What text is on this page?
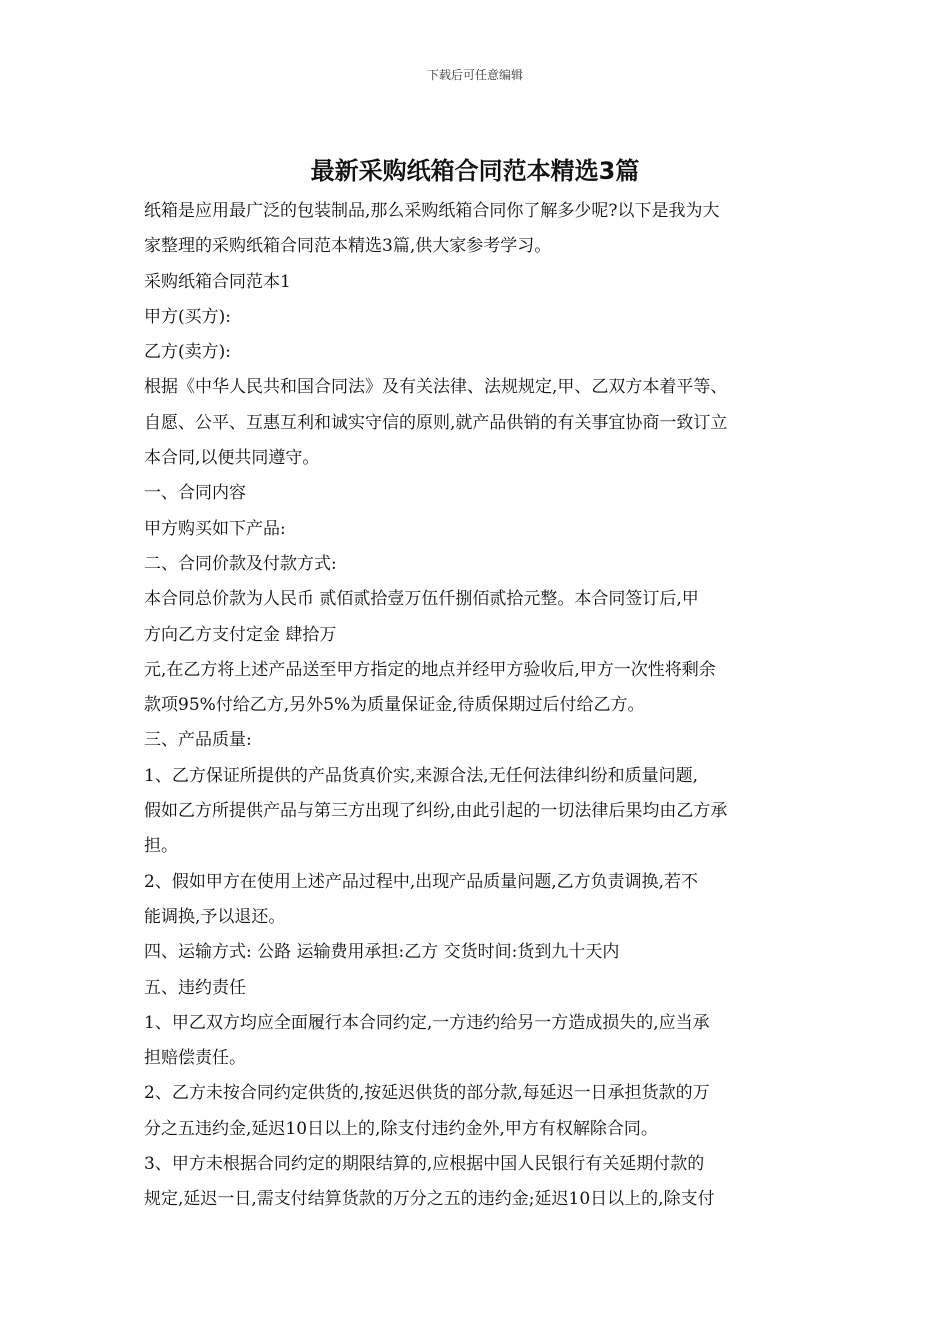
下载后可任意编辑
最新采购纸箱合同范本精选3篇
纸箱是应用最广泛的包装制品,那么采购纸箱合同你了解多少呢?以下是我为大
家整理的采购纸箱合同范本精选3篇,供大家参考学习。
采购纸箱合同范本1
甲方(买方):
乙方(卖方):
根据《中华人民共和国合同法》及有关法律、法规规定,甲、乙双方本着平等、
自愿、公平、互惠互利和诚实守信的原则,就产品供销的有关事宜协商一致订立
本合同,以便共同遵守。
一、合同内容
甲方购买如下产品:
二、合同价款及付款方式:
本合同总价款为人民币 贰佰贰拾壹万伍仟捌佰贰拾元整。本合同签订后,甲
方向乙方支付定金 肆拾万
元,在乙方将上述产品送至甲方指定的地点并经甲方验收后,甲方一次性将剩余
款项95%付给乙方,另外5%为质量保证金,待质保期过后付给乙方。
三、产品质量:
1、乙方保证所提供的产品货真价实,来源合法,无任何法律纠纷和质量问题,
假如乙方所提供产品与第三方出现了纠纷,由此引起的一切法律后果均由乙方承
担。
2、假如甲方在使用上述产品过程中,出现产品质量问题,乙方负责调换,若不
能调换,予以退还。
四、运输方式: 公路 运输费用承担:乙方 交货时间:货到九十天内
五、违约责任
1、甲乙双方均应全面履行本合同约定,一方违约给另一方造成损失的,应当承
担赔偿责任。
2、乙方未按合同约定供货的,按延迟供货的部分款,每延迟一日承担货款的万
分之五违约金,延迟10日以上的,除支付违约金外,甲方有权解除合同。
3、甲方未根据合同约定的期限结算的,应根据中国人民银行有关延期付款的
规定,延迟一日,需支付结算货款的万分之五的违约金;延迟10日以上的,除支付
